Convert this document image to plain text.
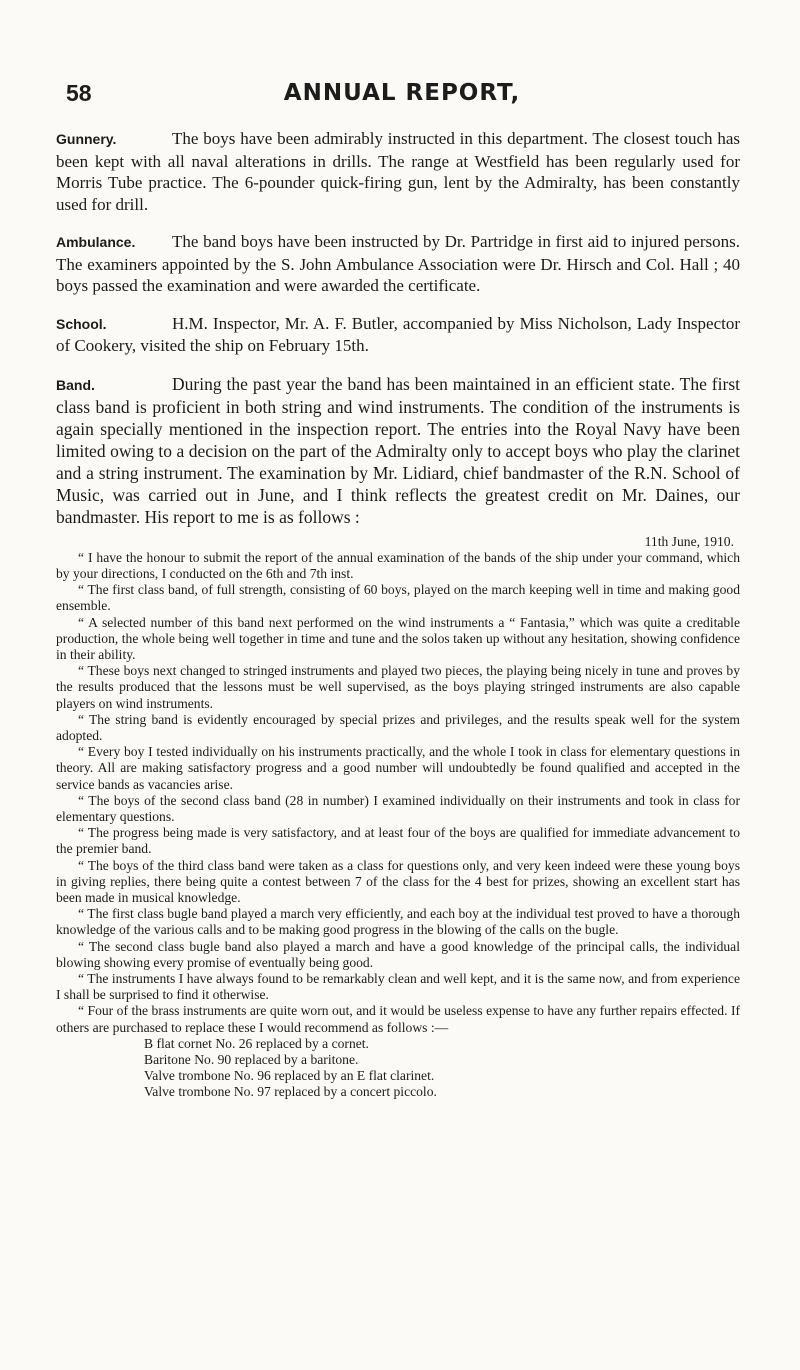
58	ANNUAL REPORT,
Gunnery.	The boys have been admirably instructed in this department. The closest touch has been kept with all naval alterations in drills. The range at Westfield has been regularly used for Morris Tube practice. The 6-pounder quick-firing gun, lent by the Admiralty, has been constantly used for drill.
Ambulance. The band boys have been instructed by Dr. Partridge in first aid to injured persons. The examiners appointed by the S. John Ambulance Association were Dr. Hirsch and Col. Hall ; 40 boys passed the examination and were awarded the certificate.
School.	H.M. Inspector, Mr. A. F. Butler, accompanied by Miss Nicholson, Lady Inspector of Cookery, visited the ship on February 15th.
Band.	During the past year the band has been maintained in an efficient state. The first class band is proficient in both string and wind instruments. The condition of the instruments is again specially mentioned in the inspection report. The entries into the Royal Navy have been limited owing to a decision on the part of the Admiralty only to accept boys who play the clarinet and a string instrument. The examination by Mr. Lidiard, chief bandmaster of the R.N. School of Music, was carried out in June, and I think reflects the greatest credit on Mr. Daines, our bandmaster. His report to me is as follows :
11th June, 1910.

“ I have the honour to submit the report of the annual examination of the bands of the ship under your command, which by your directions, I conducted on the 6th and 7th inst.

“ The first class band, of full strength, consisting of 60 boys, played on the march keeping well in time and making good ensemble.

“ A selected number of this band next performed on the wind instruments a “ Fantasia,” which was quite a creditable production, the whole being well together in time and tune and the solos taken up without any hesitation, showing confidence in their ability.

“ These boys next changed to stringed instruments and played two pieces, the playing being nicely in tune and proves by the results produced that the lessons must be well supervised, as the boys playing stringed instruments are also capable players on wind instruments.

“ The string band is evidently encouraged by special prizes and privileges, and the results speak well for the system adopted.

“ Every boy I tested individually on his instruments practically, and the whole I took in class for elementary questions in theory. All are making satisfactory progress and a good number will undoubtedly be found qualified and accepted in the service bands as vacancies arise.

“ The boys of the second class band (28 in number) I examined individually on their instruments and took in class for elementary questions.

“ The progress being made is very satisfactory, and at least four of the boys are qualified for immediate advancement to the premier band.

“ The boys of the third class band were taken as a class for questions only, and very keen indeed were these young boys in giving replies, there being quite a contest between 7 of the class for the 4 best for prizes, showing an excellent start has been made in musical knowledge.

“ The first class bugle band played a march very efficiently, and each boy at the individual test proved to have a thorough knowledge of the various calls and to be making good progress in the blowing of the calls on the bugle.

“ The second class bugle band also played a march and have a good knowledge of the principal calls, the individual blowing showing every promise of eventually being good.

“ The instruments I have always found to be remarkably clean and well kept, and it is the same now, and from experience I shall be surprised to find it otherwise.

“ Four of the brass instruments are quite worn out, and it would be useless expense to have any further repairs effected. If others are purchased to replace these I would recommend as follows :—

B flat cornet No. 26 replaced by a cornet.
Baritone No. 90 replaced by a baritone.
Valve trombone No. 96 replaced by an E flat clarinet.
Valve trombone No. 97 replaced by a concert piccolo.
